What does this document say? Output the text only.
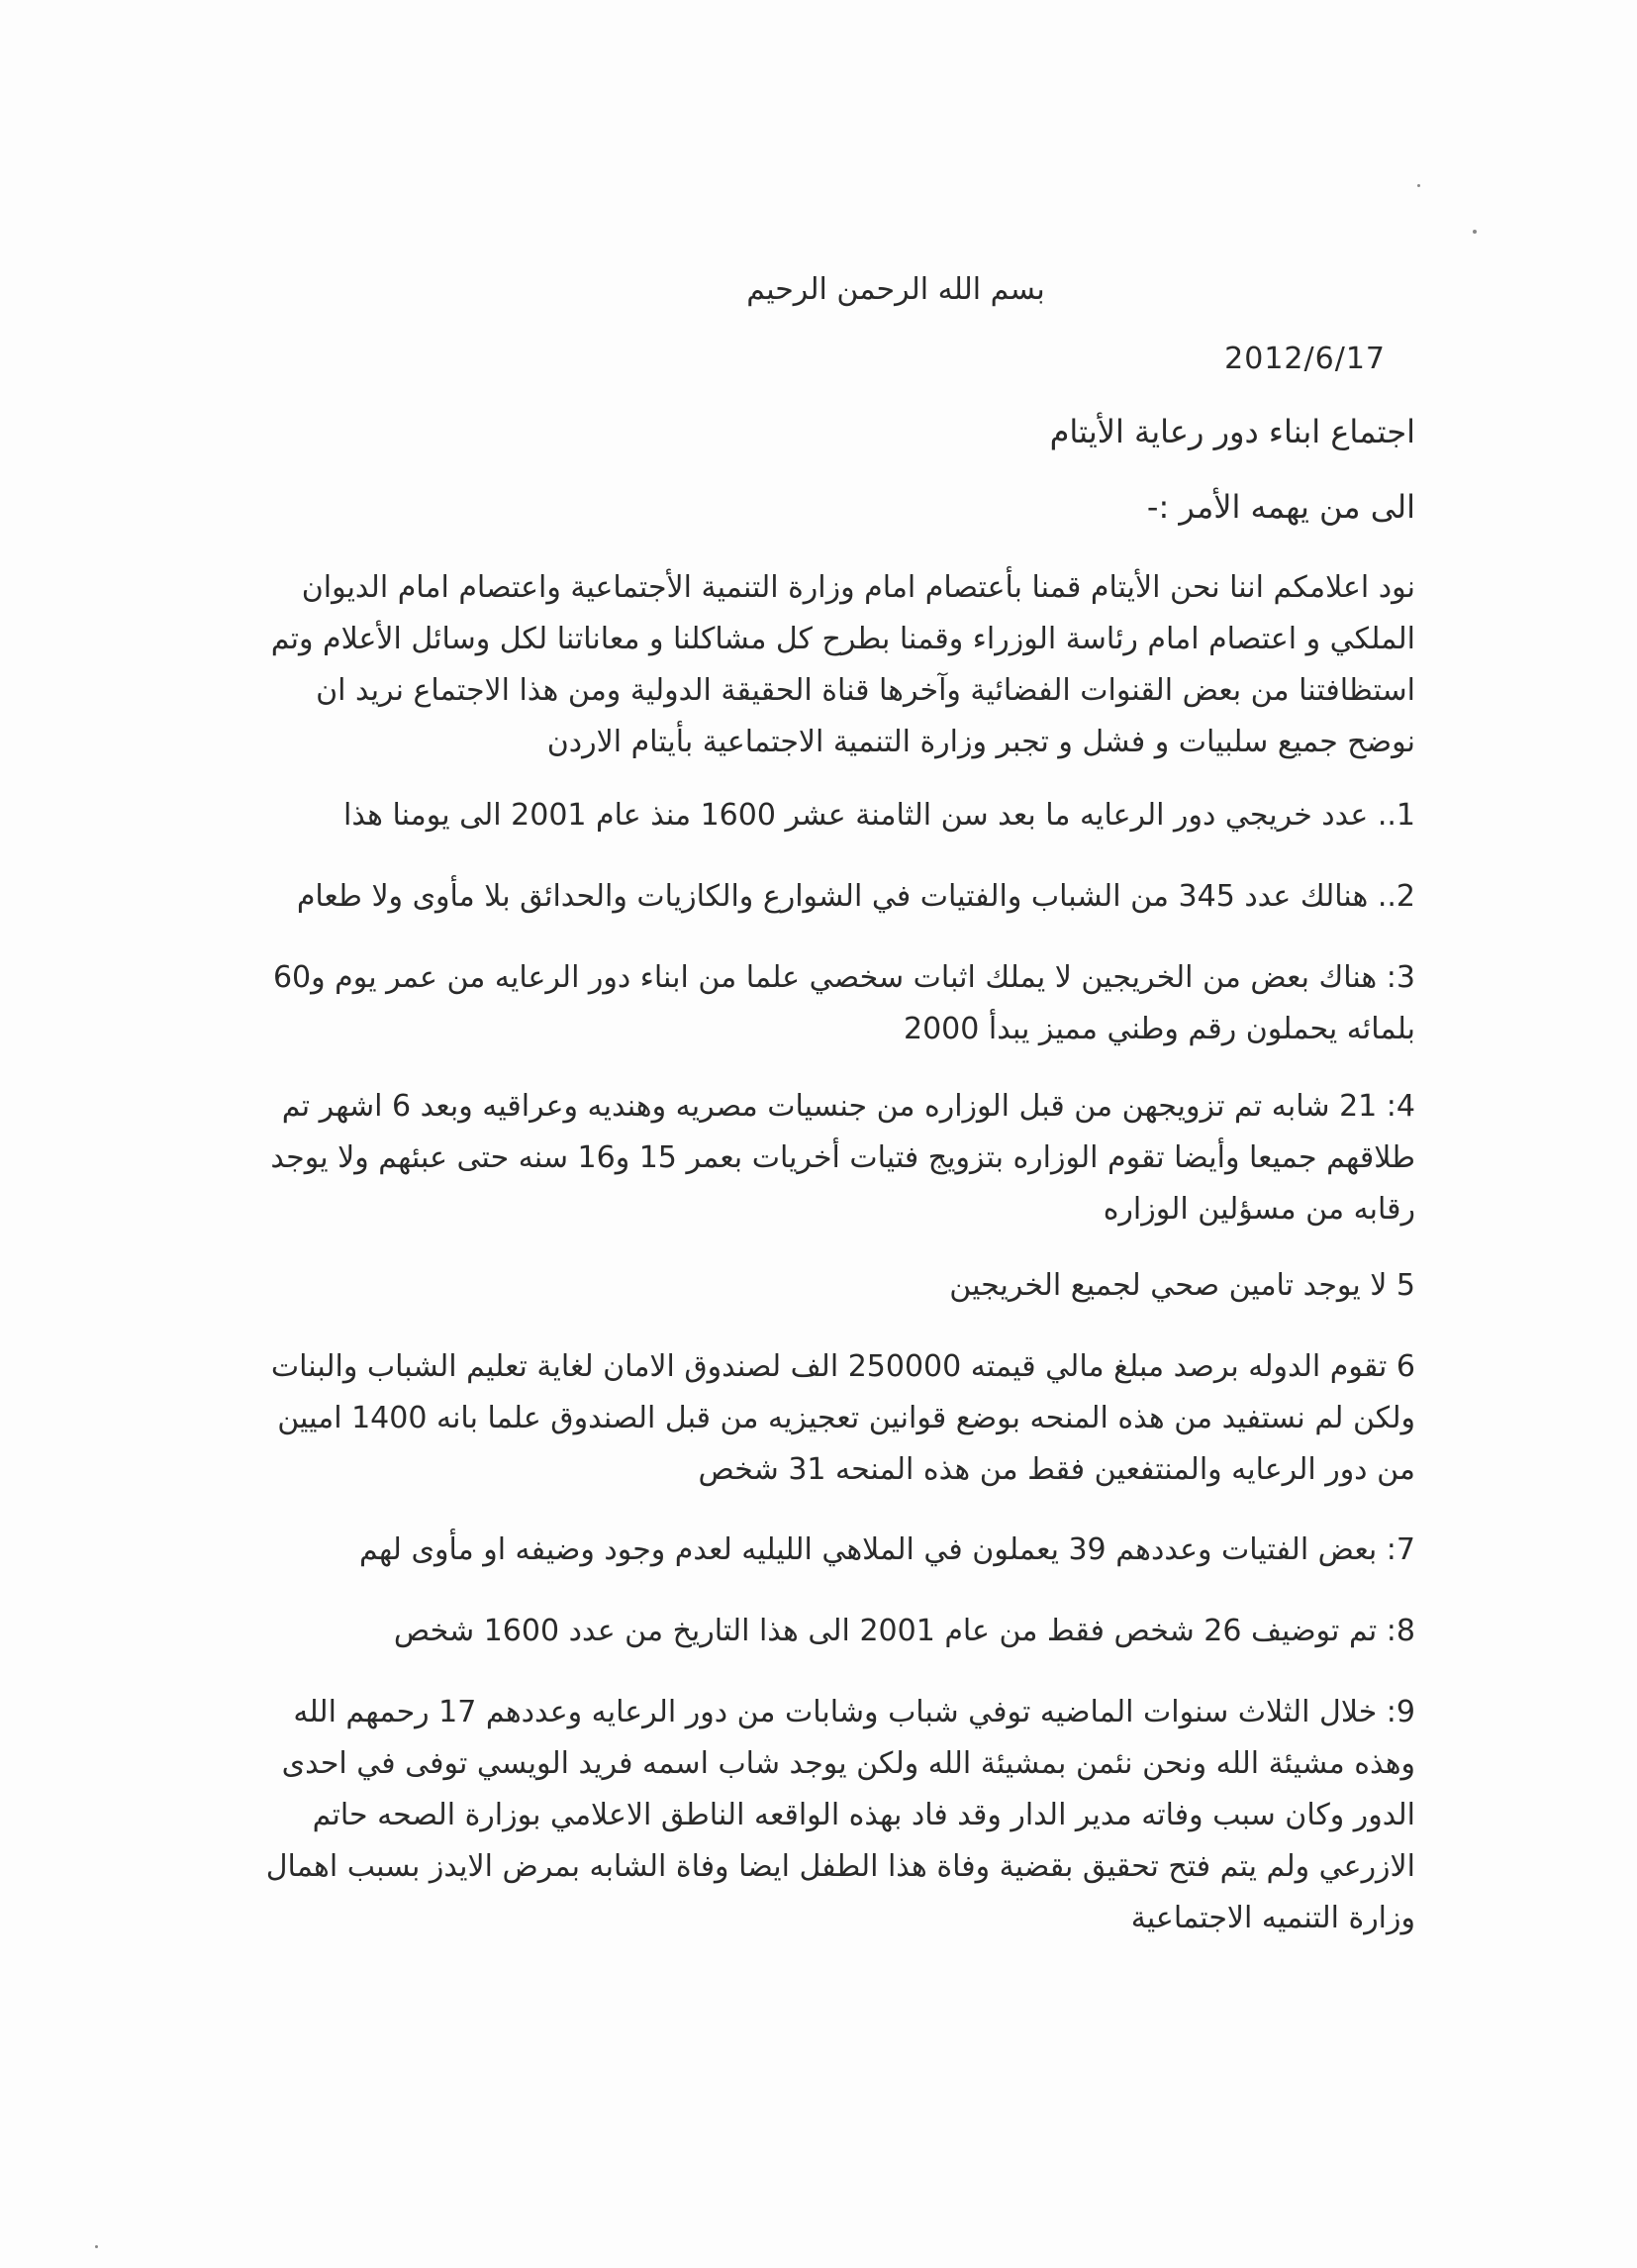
بسم الله الرحمن الرحيم
2012/6/17
اجتماع ابناء دور رعاية الأيتام
الى من يهمه الأمر :-
نود اعلامكم اننا نحن الأيتام قمنا بأعتصام امام وزارة التنمية الأجتماعية واعتصام امام الديوان الملكي و اعتصام امام رئاسة الوزراء وقمنا بطرح كل مشاكلنا و معاناتنا لكل وسائل الأعلام وتم استظافتنا من بعض القنوات الفضائية وآخرها قناة الحقيقة الدولية ومن هذا الاجتماع نريد ان نوضح جميع سلبيات و فشل و تجبر وزارة التنمية الاجتماعية بأيتام الاردن
1.. عدد خريجي دور الرعايه ما بعد سن الثامنة عشر 1600 منذ عام 2001 الى يومنا هذا
2.. هنالك عدد 345 من الشباب والفتيات في الشوارع والكازيات والحدائق بلا مأوى ولا طعام
3: هناك بعض من الخريجين لا يملك اثبات سخصي علما من ابناء دور الرعايه من عمر يوم و60 بلمائه يحملون رقم وطني مميز يبدأ 2000
4: 21 شابه تم تزويجهن من قبل الوزاره من جنسيات مصريه وهنديه وعراقيه وبعد 6 اشهر تم طلاقهم جميعا وأيضا تقوم الوزاره بتزويج فتيات أخريات بعمر 15 و16 سنه حتى عبئهم ولا يوجد رقابه من مسؤلين الوزاره
5 لا يوجد تامين صحي لجميع الخريجين
6 تقوم الدوله برصد مبلغ مالي قيمته 250000 الف لصندوق الامان لغاية تعليم الشباب والبنات ولكن لم نستفيد من هذه المنحه بوضع قوانين تعجيزيه من قبل الصندوق علما بانه 1400 اميين من دور الرعايه والمنتفعين فقط من هذه المنحه 31 شخص
7: بعض الفتيات وعددهم 39 يعملون في الملاهي الليليه لعدم وجود وضيفه او مأوى لهم
8: تم توضيف 26 شخص فقط من عام 2001 الى هذا التاريخ من عدد 1600 شخص
9: خلال الثلاث سنوات الماضيه توفي شباب وشابات من دور الرعايه وعددهم 17 رحمهم الله وهذه مشيئة الله ونحن نئمن بمشيئة الله ولكن يوجد شاب اسمه فريد الويسي توفى في احدى الدور وكان سبب وفاته مدير الدار وقد فاد بهذه الواقعه الناطق الاعلامي بوزارة الصحه حاتم الازرعي ولم يتم فتح تحقيق بقضية وفاة هذا الطفل ايضا وفاة الشابه بمرض الايدز بسبب اهمال وزارة التنميه الاجتماعية
